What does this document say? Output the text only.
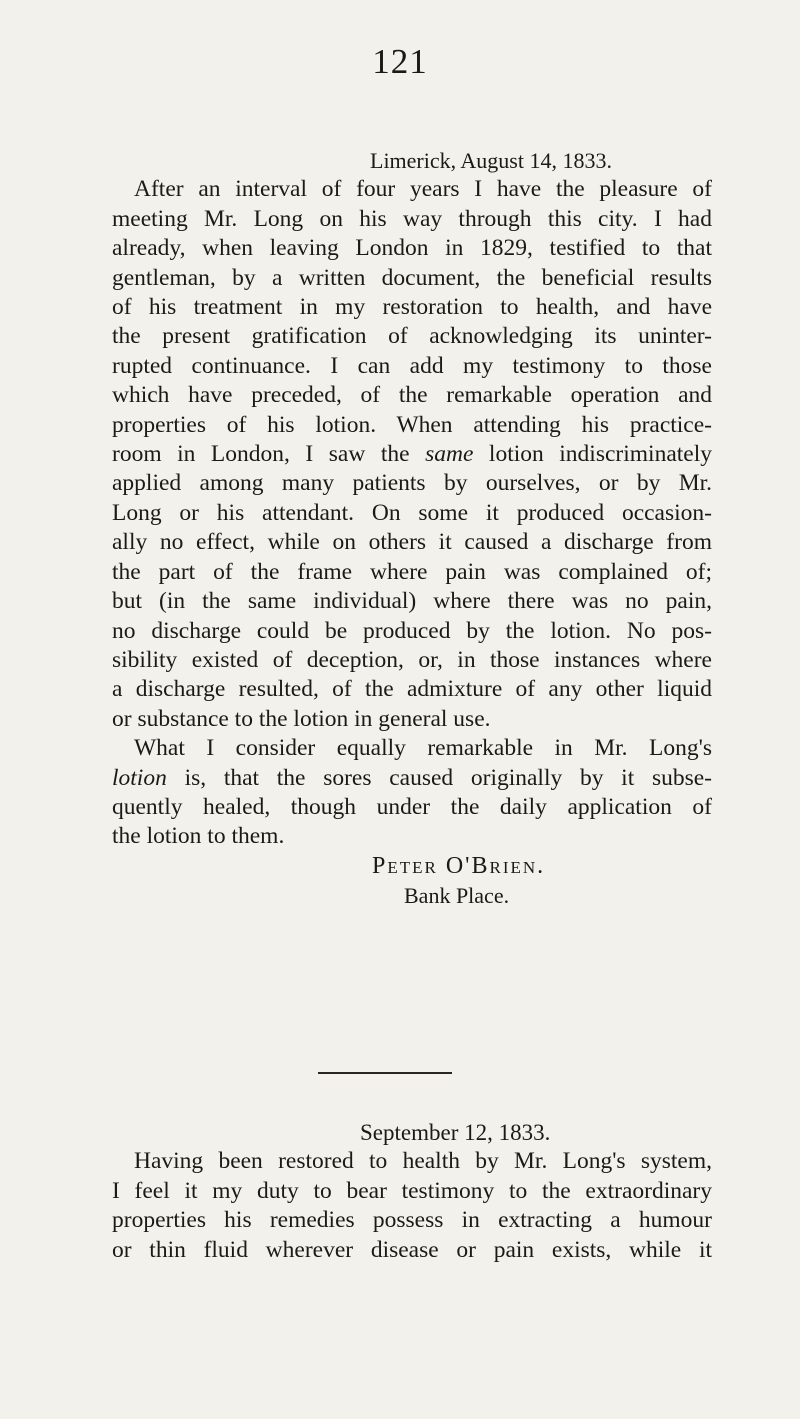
121
Limerick, August 14, 1833.
After an interval of four years I have the pleasure of
meeting Mr. Long on his way through this city. I had
already, when leaving London in 1829, testified to that
gentleman, by a written document, the beneficial results
of his treatment in my restoration to health, and have
the present gratification of acknowledging its uninter-
rupted continuance. I can add my testimony to those
which have preceded, of the remarkable operation and
properties of his lotion. When attending his practice-
room in London, I saw the same lotion indiscriminately
applied among many patients by ourselves, or by Mr.
Long or his attendant. On some it produced occasion-
ally no effect, while on others it caused a discharge from
the part of the frame where pain was complained of;
but (in the same individual) where there was no pain,
no discharge could be produced by the lotion. No pos-
sibility existed of deception, or, in those instances where
a discharge resulted, of the admixture of any other liquid
or substance to the lotion in general use.
What I consider equally remarkable in Mr. Long's
lotion is, that the sores caused originally by it subse-
quently healed, though under the daily application of
the lotion to them.
Peter O'Brien.
Bank Place.
September 12, 1833.
Having been restored to health by Mr. Long's system,
I feel it my duty to bear testimony to the extraordinary
properties his remedies possess in extracting a humour
or thin fluid wherever disease or pain exists, while it
